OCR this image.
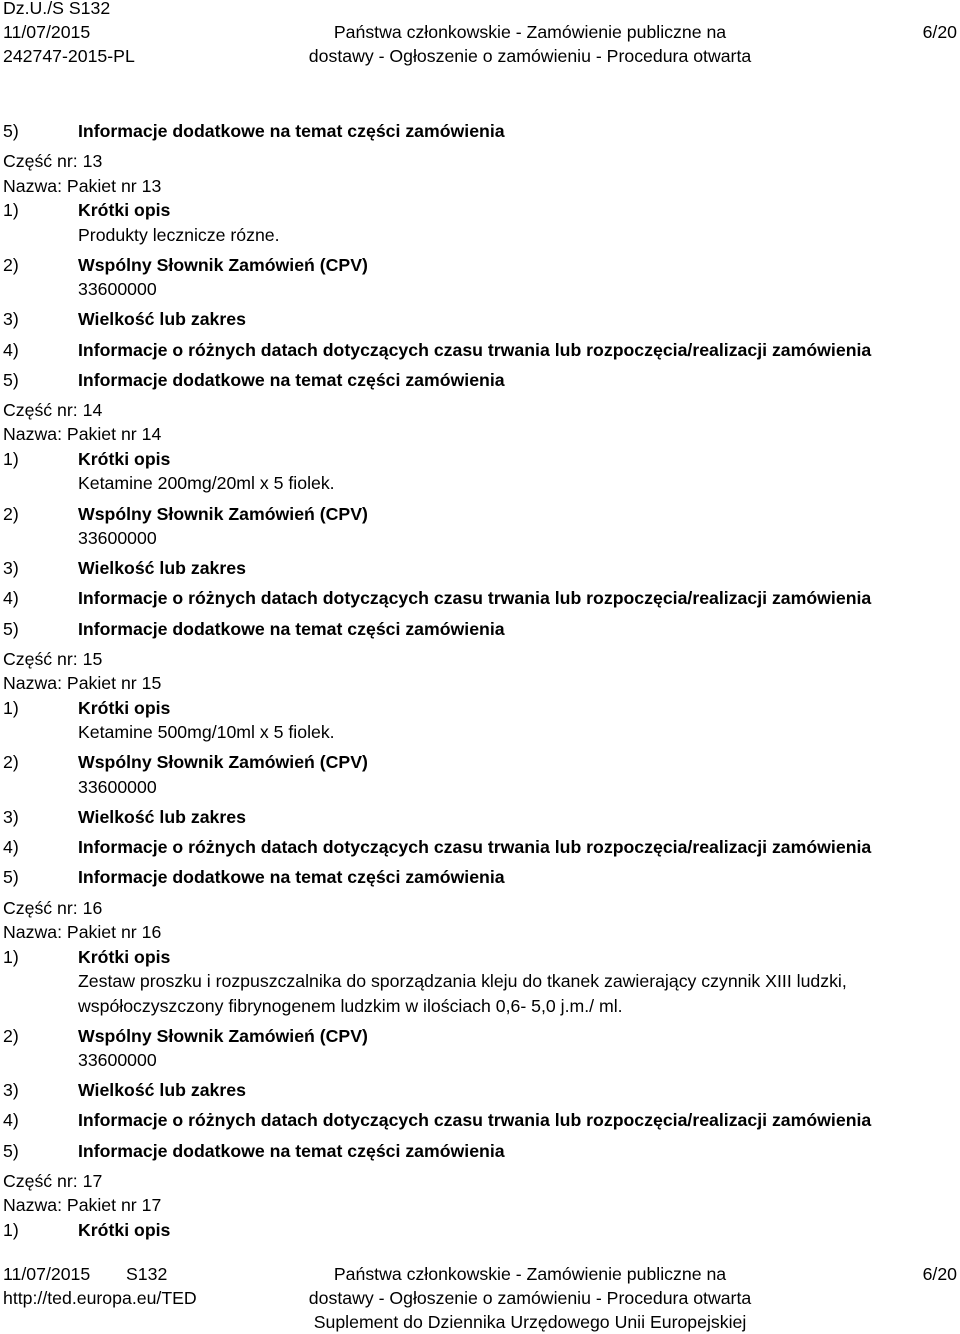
Dz.U./S S132
11/07/2015	Państwa członkowskie - Zamówienie publiczne na	6/20
242747-2015-PL	dostawy - Ogłoszenie o zamówieniu - Procedura otwarta
5)	Informacje dodatkowe na temat części zamówienia
Część nr: 13
Nazwa: Pakiet nr 13
1)	Krótki opis
Produkty lecznicze rózne.
2)	Wspólny Słownik Zamówień (CPV)
33600000
3)	Wielkość lub zakres
4)	Informacje o różnych datach dotyczących czasu trwania lub rozpoczęcia/realizacji zamówienia
5)	Informacje dodatkowe na temat części zamówienia
Część nr: 14
Nazwa: Pakiet nr 14
1)	Krótki opis
Ketamine 200mg/20ml x 5 fiolek.
2)	Wspólny Słownik Zamówień (CPV)
33600000
3)	Wielkość lub zakres
4)	Informacje o różnych datach dotyczących czasu trwania lub rozpoczęcia/realizacji zamówienia
5)	Informacje dodatkowe na temat części zamówienia
Część nr: 15
Nazwa: Pakiet nr 15
1)	Krótki opis
Ketamine 500mg/10ml x 5 fiolek.
2)	Wspólny Słownik Zamówień (CPV)
33600000
3)	Wielkość lub zakres
4)	Informacje o różnych datach dotyczących czasu trwania lub rozpoczęcia/realizacji zamówienia
5)	Informacje dodatkowe na temat części zamówienia
Część nr: 16
Nazwa: Pakiet nr 16
1)	Krótki opis
Zestaw proszku i rozpuszczalnika do sporządzania kleju do tkanek zawierający czynnik XIII ludzki,
współoczyszczony fibrynogenem ludzkim w ilościach 0,6- 5,0 j.m./ ml.
2)	Wspólny Słownik Zamówień (CPV)
33600000
3)	Wielkość lub zakres
4)	Informacje o różnych datach dotyczących czasu trwania lub rozpoczęcia/realizacji zamówienia
5)	Informacje dodatkowe na temat części zamówienia
Część nr: 17
Nazwa: Pakiet nr 17
1)	Krótki opis
11/07/2015 S132	Państwa członkowskie - Zamówienie publiczne na	6/20
http://ted.europa.eu/TED	dostawy - Ogłoszenie o zamówieniu - Procedura otwarta
Suplement do Dziennika Urzędowego Unii Europejskiej
